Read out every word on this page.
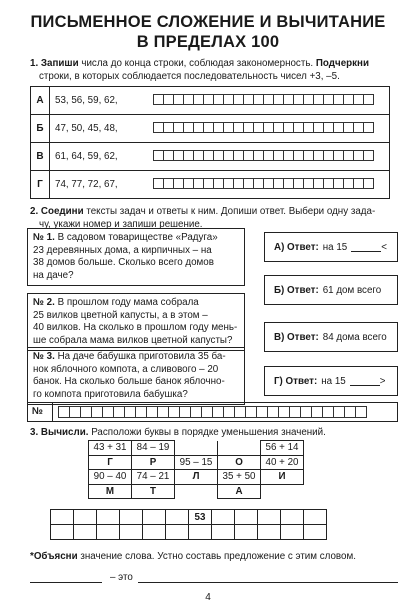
ПИСЬМЕННОЕ СЛОЖЕНИЕ И ВЫЧИТАНИЕ
В ПРЕДЕЛАХ 100
1. Запиши числа до конца строки, соблюдая закономерность. Подчеркни
строки, в которых соблюдается последовательность чисел +3, –5.
А	53, 56, 59, 62,
Б	47, 50, 45, 48,
В	61, 64, 59, 62,
Г	74, 77, 72, 67,
2. Соедини тексты задач и ответы к ним. Допиши ответ. Выбери одну зада-
чу, укажи номер и запиши решение.
№ 1. В садовом товариществе «Радуга»
23 деревянных дома, а кирпичных – на
38 домов больше. Сколько всего домов
на даче?
№ 2. В прошлом году мама собрала
25 вилков цветной капусты, а в этом –
40 вилков. На сколько в прошлом году мень-
ше собрала мама вилков цветной капусты?
№ 3. На даче бабушка приготовила 35 ба-
нок яблочного компота, а сливового – 20
банок. На сколько больше банок яблочно-
го компота приготовила бабушка?
А) Ответ: на 15	<
Б) Ответ: 61 дом всего
В) Ответ: 84 дома всего
Г) Ответ: на 15	>
№
3. Вычисли. Расположи буквы в порядке уменьшения значений.
43 + 31	84 – 19			56 + 14	
Г	Р	95 – 15	О	40 + 20	
90 – 40	74 – 21	Л	35 + 50	И	
М	Т		А		
						53					

*Объясни значение слова. Устно составь предложение с этим словом.
– это
4
